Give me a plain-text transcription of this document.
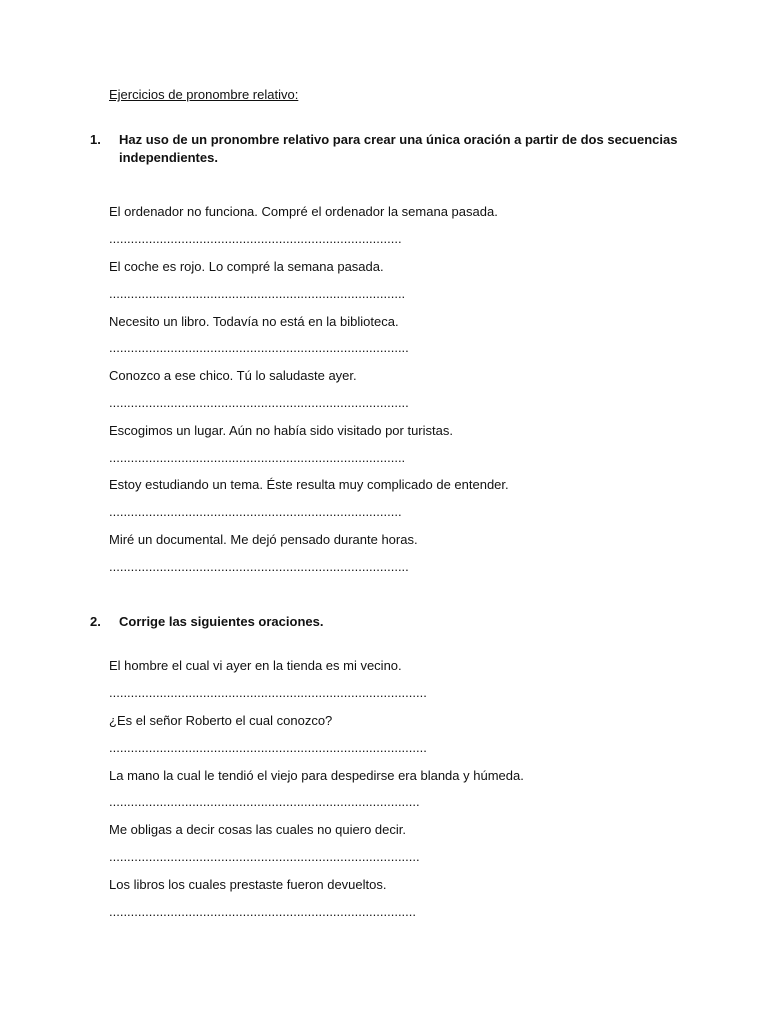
Ejercicios de pronombre relativo:
1. Haz uso de un pronombre relativo para crear una única oración a partir de dos secuencias independientes.
El ordenador no funciona. Compré el ordenador la semana pasada.
.................................................................................
El coche es rojo. Lo compré la semana pasada.
..................................................................................
Necesito un libro. Todavía no está en la biblioteca.
...................................................................................
Conozco a ese chico. Tú lo saludaste ayer.
...................................................................................
Escogimos un lugar. Aún no había sido visitado por turistas.
..................................................................................
Estoy estudiando un tema. Éste resulta muy complicado de entender.
.................................................................................
Miré un documental. Me dejó pensado durante horas.
...................................................................................
2. Corrige las siguientes oraciones.
El hombre el cual vi ayer en la tienda es mi vecino.
........................................................................................
¿Es el señor Roberto el cual conozco?
........................................................................................
La mano la cual le tendió el viejo para despedirse era blanda y húmeda.
......................................................................................
Me obligas a decir cosas las cuales no quiero decir.
......................................................................................
Los libros los cuales prestaste fueron devueltos.
.....................................................................................
